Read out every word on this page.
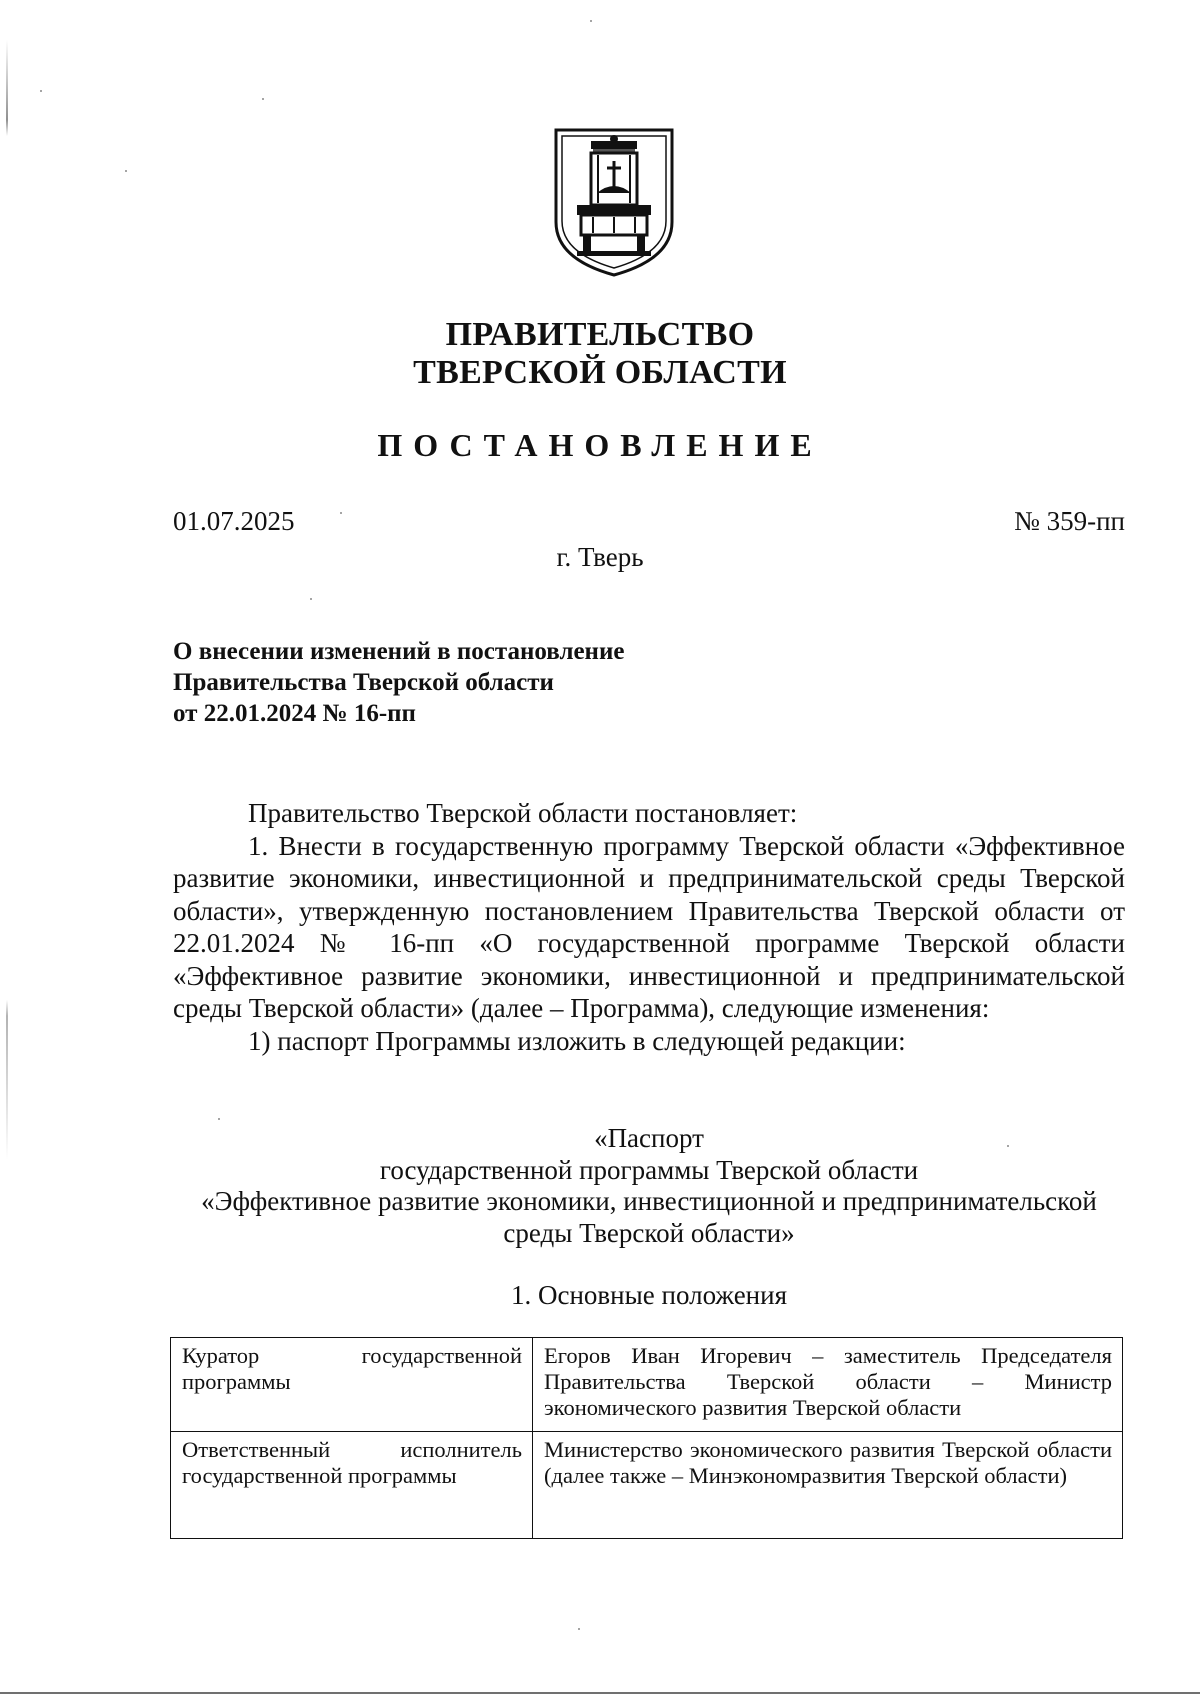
ПРАВИТЕЛЬСТВО
ТВЕРСКОЙ ОБЛАСТИ
ПОСТАНОВЛЕНИЕ
01.07.2025	№ 359-пп
г. Тверь
О внесении изменений в постановление
Правительства Тверской области
от 22.01.2024 № 16-пп

Правительство Тверской области постановляет:

1. Внести в государственную программу Тверской области «Эффективное развитие экономики, инвестиционной и предпринимательской среды Тверской области», утвержденную постановлением Правительства Тверской области от 22.01.2024 № 16-пп «О государственной программе Тверской области «Эффективное развитие экономики, инвестиционной и предпринимательской среды Тверской области» (далее – Программа), следующие изменения:

1) паспорт Программы изложить в следующей редакции:

«Паспорт
государственной программы Тверской области
«Эффективное развитие экономики, инвестиционной и предпринимательской
среды Тверской области»
1. Основные положения
Куратор государственной программы	Егоров Иван Игоревич – заместитель Председателя Правительства Тверской области – Министр экономического развития Тверской области
Ответственный исполнитель государственной программы	Министерство экономического развития Тверской области (далее также – Минэкономразвития Тверской области)
